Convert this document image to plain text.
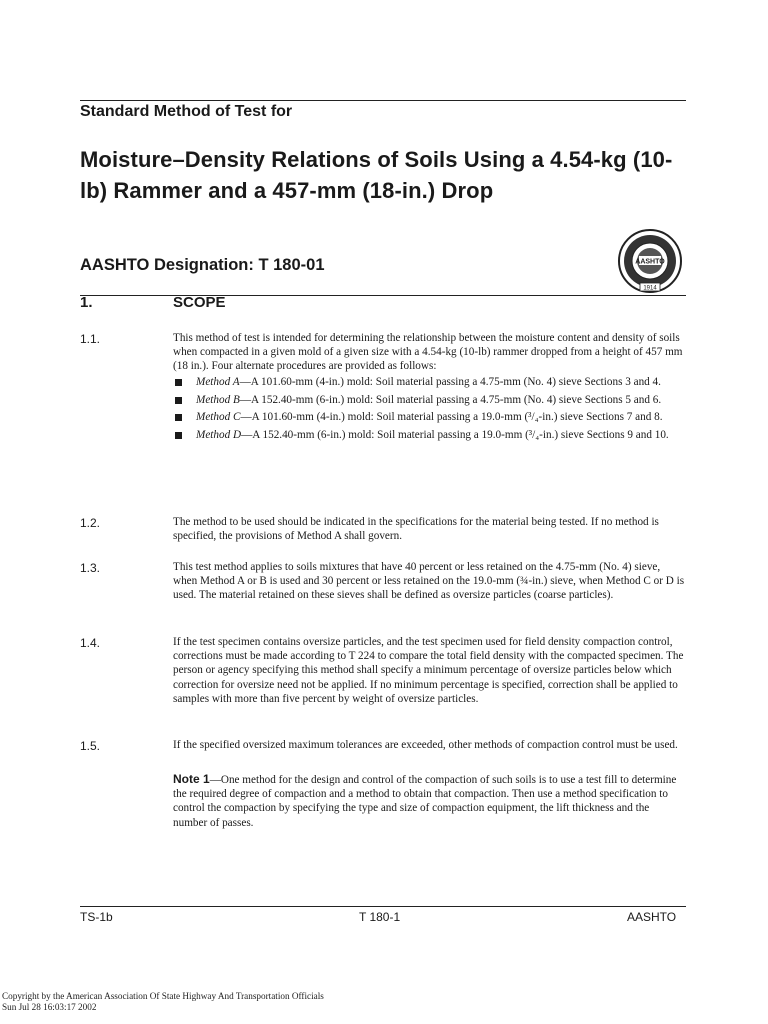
Standard Method of Test for
Moisture–Density Relations of Soils Using a 4.54-kg (10-lb) Rammer and a 457-mm (18-in.) Drop
AASHTO Designation: T 180-01	AASHTO
1914
1.	SCOPE
1.1.	This method of test is intended for determining the relationship between the moisture content and density of soils when compacted in a given mold of a given size with a 4.54-kg (10-lb) rammer dropped from a height of 457 mm (18 in.). Four alternate procedures are provided as follows:
Method A—A 101.60-mm (4-in.) mold: Soil material passing a 4.75-mm (No. 4) sieve Sections 3 and 4.
Method B—A 152.40-mm (6-in.) mold: Soil material passing a 4.75-mm (No. 4) sieve Sections 5 and 6.
Method C—A 101.60-mm (4-in.) mold: Soil material passing a 19.0-mm (³/₄-in.) sieve Sections 7 and 8.
Method D—A 152.40-mm (6-in.) mold: Soil material passing a 19.0-mm (³/₄-in.) sieve Sections 9 and 10.
1.2.	The method to be used should be indicated in the specifications for the material being tested. If no method is specified, the provisions of Method A shall govern.
1.3.	This test method applies to soils mixtures that have 40 percent or less retained on the 4.75-mm (No. 4) sieve, when Method A or B is used and 30 percent or less retained on the 19.0-mm (¾-in.) sieve, when Method C or D is used. The material retained on these sieves shall be defined as oversize particles (coarse particles).
1.4.	If the test specimen contains oversize particles, and the test specimen used for field density compaction control, corrections must be made according to T 224 to compare the total field density with the compacted specimen. The person or agency specifying this method shall specify a minimum percentage of oversize particles below which correction for oversize need not be applied. If no minimum percentage is specified, correction shall be applied to samples with more than five percent by weight of oversize particles.
1.5.	If the specified oversized maximum tolerances are exceeded, other methods of compaction control must be used.
Note 1—One method for the design and control of the compaction of such soils is to use a test fill to determine the required degree of compaction and a method to obtain that compaction. Then use a method specification to control the compaction by specifying the type and size of compaction equipment, the lift thickness and the number of passes.
TS-1b	T 180-1	AASHTO
Copyright by the American Association Of State Highway And Transportation Officials
Sun Jul 28 16:03:17 2002
